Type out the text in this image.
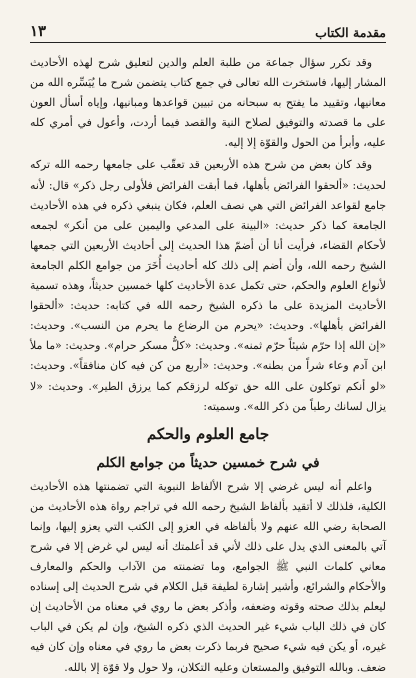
مقدمة الكتاب
١٣

وقد تكرر سؤال جماعة من طلبة العلم والدين لتعليق شرح لهذه الأحاديث المشار إليها، فاستخرت الله تعالى في جمع كتاب يتضمن شرح ما يُيَسِّره الله من معانيها، وتقييد ما يفتح به سبحانه من تبيين قواعدها ومبانيها، وإياه أسأل العون على ما قصدته والتوفيق لصلاح النية والقصد فيما أردت، وأعول في أمري كله عليه، وأبرأ من الحول والقوّة إلا إليه.

وقد كان بعض من شرح هذه الأربعين قد تعقّب على جامعها رحمه الله تركه لحديث: «ألحقوا الفرائض بأهلها، فما أبقت الفرائض فلأولى رجل ذكر» قال: لأنه جامع لقواعد الفرائض التي هي نصف العلم، فكان ينبغي ذكره في هذه الأحاديث الجامعة كما ذكر حديث: «البينة على المدعي واليمين على من أنكر» لجمعه لأحكام القضاء، فرأيت أنا أن أضمّ هذا الحديث إلى أحاديث الأربعين التي جمعها الشيخ رحمه الله، وأن أضم إلى ذلك كله أحاديث أُخَرَ من جوامع الكلم الجامعة لأنواع العلوم والحكم، حتى تكمل عدة الأحاديث كلها خمسين حديثاً، وهذه تسمية الأحاديث المزيدة على ما ذكره الشيخ رحمه الله في كتابه: حديث: «ألحقوا الفرائض بأهلها». وحديث: «يحرم من الرضاع ما يحرم من النسب». وحديث: «إن الله إذا حرّم شيئاً حرّم ثمنه». وحديث: «كلُّ مسكر حرام». وحديث: «ما ملأ ابن آدم وعاء شراً من بطنه». وحديث: «أربع من كن فيه كان منافقاً». وحديث: «لو أنكم توكلون على الله حق توكله لرزقكم كما يرزق الطير». وحديث: «لا يزال لسانك رطباً من ذكر الله». وسميته:

جامع العلوم والحكم
في شرح خمسين حديثاً من جوامع الكلم

واعلم أنه ليس غرضي إلا شرح الألفاظ النبوية التي تضمنتها هذه الأحاديث الكلية، فلذلك لا أتقيد بألفاظ الشيخ رحمه الله في تراجم رواة هذه الأحاديث من الصحابة رضي الله عنهم ولا بألفاظه في العزو إلى الكتب التي يعزو إليها، وإنما آتي بالمعنى الذي يدل على ذلك لأني قد أعلمتك أنه ليس لي غرض إلا في شرح معاني كلمات النبي ﷺ الجوامع، وما تضمنته من الآداب والحكم والمعارف والأحكام والشرائع، وأشير إشارة لطيفة قبل الكلام في شرح الحديث إلى إسناده ليعلم بذلك صحته وقوته وضعفه، وأذكر بعض ما روي في معناه من الأحاديث إن كان في ذلك الباب شيء غير الحديث الذي ذكره الشيخ، وإن لم يكن في الباب غيره، أو يكن فيه شيء صحيح فربما ذكرت بعض ما روي في معناه وإن كان فيه ضعف. وبالله التوفيق والمستعان وعليه التكلان، ولا حول ولا قوّة إلا بالله.
